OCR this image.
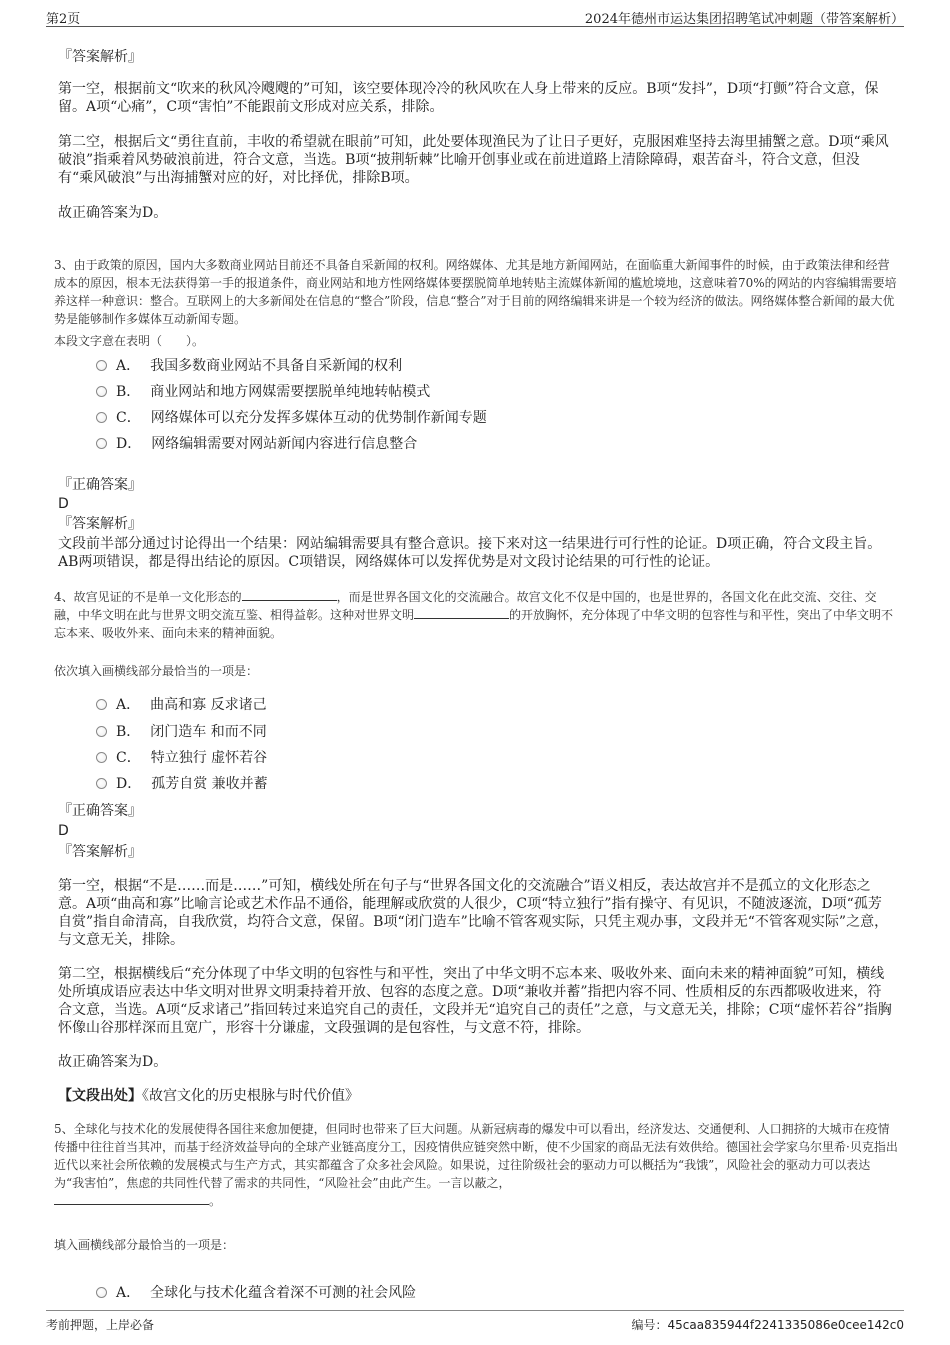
第2页	2024年德州市运达集团招聘笔试冲刺题（带答案解析）
『答案解析』
第一空，根据前文“吹来的秋风冷飕飕的”可知，该空要体现冷冷的秋风吹在人身上带来的反应。B项“发抖”，D项“打颤”符合文意，保留。A项“心痛”，C项“害怕”不能跟前文形成对应关系，排除。
第二空，根据后文“勇往直前，丰收的希望就在眼前”可知，此处要体现渔民为了让日子更好，克服困难坚持去海里捕蟹之意。D项“乘风破浪”指乘着风势破浪前进，符合文意，当选。B项“披荆斩棘”比喻开创事业或在前进道路上清除障碍，艰苦奋斗，符合文意，但没有“乘风破浪”与出海捕蟹对应的好，对比择优，排除B项。
故正确答案为D。
3、由于政策的原因，国内大多数商业网站目前还不具备自采新闻的权利。网络媒体、尤其是地方新闻网站，在面临重大新闻事件的时候，由于政策法律和经营成本的原因，根本无法获得第一手的报道条件，商业网站和地方性网络媒体要摆脱简单地转贴主流媒体新闻的尴尬境地，这意味着70%的网站的内容编辑需要培养这样一种意识：整合。互联网上的大多新闻处在信息的“整合”阶段，信息“整合”对于目前的网络编辑来讲是一个较为经济的做法。网络媒体整合新闻的最大优势是能够制作多媒体互动新闻专题。
本段文字意在表明（　　）。
A． 我国多数商业网站不具备自采新闻的权利
B． 商业网站和地方网媒需要摆脱单纯地转帖模式
C． 网络媒体可以充分发挥多媒体互动的优势制作新闻专题
D． 网络编辑需要对网站新闻内容进行信息整合
『正确答案』
D
『答案解析』
文段前半部分通过讨论得出一个结果：网站编辑需要具有整合意识。接下来对这一结果进行可行性的论证。D项正确，符合文段主旨。AB两项错误，都是得出结论的原因。C项错误，网络媒体可以发挥优势是对文段讨论结果的可行性的论证。
4、故宫见证的不是单一文化形态的	，而是世界各国文化的交流融合。故宫文化不仅是中国的，也是世界的，各国文化在此交流、交往、交融，中华文明在此与世界文明交流互鉴、相得益彰。这种对世界文明	的开放胸怀，充分体现了中华文明的包容性与和平性，突出了中华文明不忘本来、吸收外来、面向未来的精神面貌。
依次填入画横线部分最恰当的一项是：
A． 曲高和寡 反求诸己
B． 闭门造车 和而不同
C． 特立独行 虚怀若谷
D． 孤芳自赏 兼收并蓄
『正确答案』
D
『答案解析』
第一空，根据“不是……而是……”可知，横线处所在句子与“世界各国文化的交流融合”语义相反，表达故宫并不是孤立的文化形态之意。A项“曲高和寡”比喻言论或艺术作品不通俗，能理解或欣赏的人很少，C项“特立独行”指有操守、有见识，不随波逐流，D项“孤芳自赏”指自命清高，自我欣赏，均符合文意，保留。B项“闭门造车”比喻不管客观实际，只凭主观办事，文段并无“不管客观实际”之意，与文意无关，排除。
第二空，根据横线后“充分体现了中华文明的包容性与和平性，突出了中华文明不忘本来、吸收外来、面向未来的精神面貌”可知，横线处所填成语应表达中华文明对世界文明秉持着开放、包容的态度之意。D项“兼收并蓄”指把内容不同、性质相反的东西都吸收进来，符合文意，当选。A项“反求诸己”指回转过来追究自己的责任，文段并无“追究自己的责任”之意，与文意无关，排除；C项“虚怀若谷”指胸怀像山谷那样深而且宽广，形容十分谦虚，文段强调的是包容性，与文意不符，排除。
故正确答案为D。
【文段出处】《故宫文化的历史根脉与时代价值》
5、全球化与技术化的发展使得各国往来愈加便捷，但同时也带来了巨大问题。从新冠病毒的爆发中可以看出，经济发达、交通便利、人口拥挤的大城市在疫情传播中往往首当其冲，而基于经济效益导向的全球产业链高度分工，因疫情供应链突然中断，使不少国家的商品无法有效供给。德国社会学家乌尔里希·贝克指出近代以来社会所依赖的发展模式与生产方式，其实都蕴含了众多社会风险。如果说，过往阶级社会的驱动力可以概括为“我饿”，风险社会的驱动力可以表达为“我害怕”，焦虑的共同性代替了需求的共同性，“风险社会”由此产生。一言以蔽之，
。
填入画横线部分最恰当的一项是：
A． 全球化与技术化蕴含着深不可测的社会风险
考前押题，上岸必备	编号：45caa835944f2241335086e0cee142c0
